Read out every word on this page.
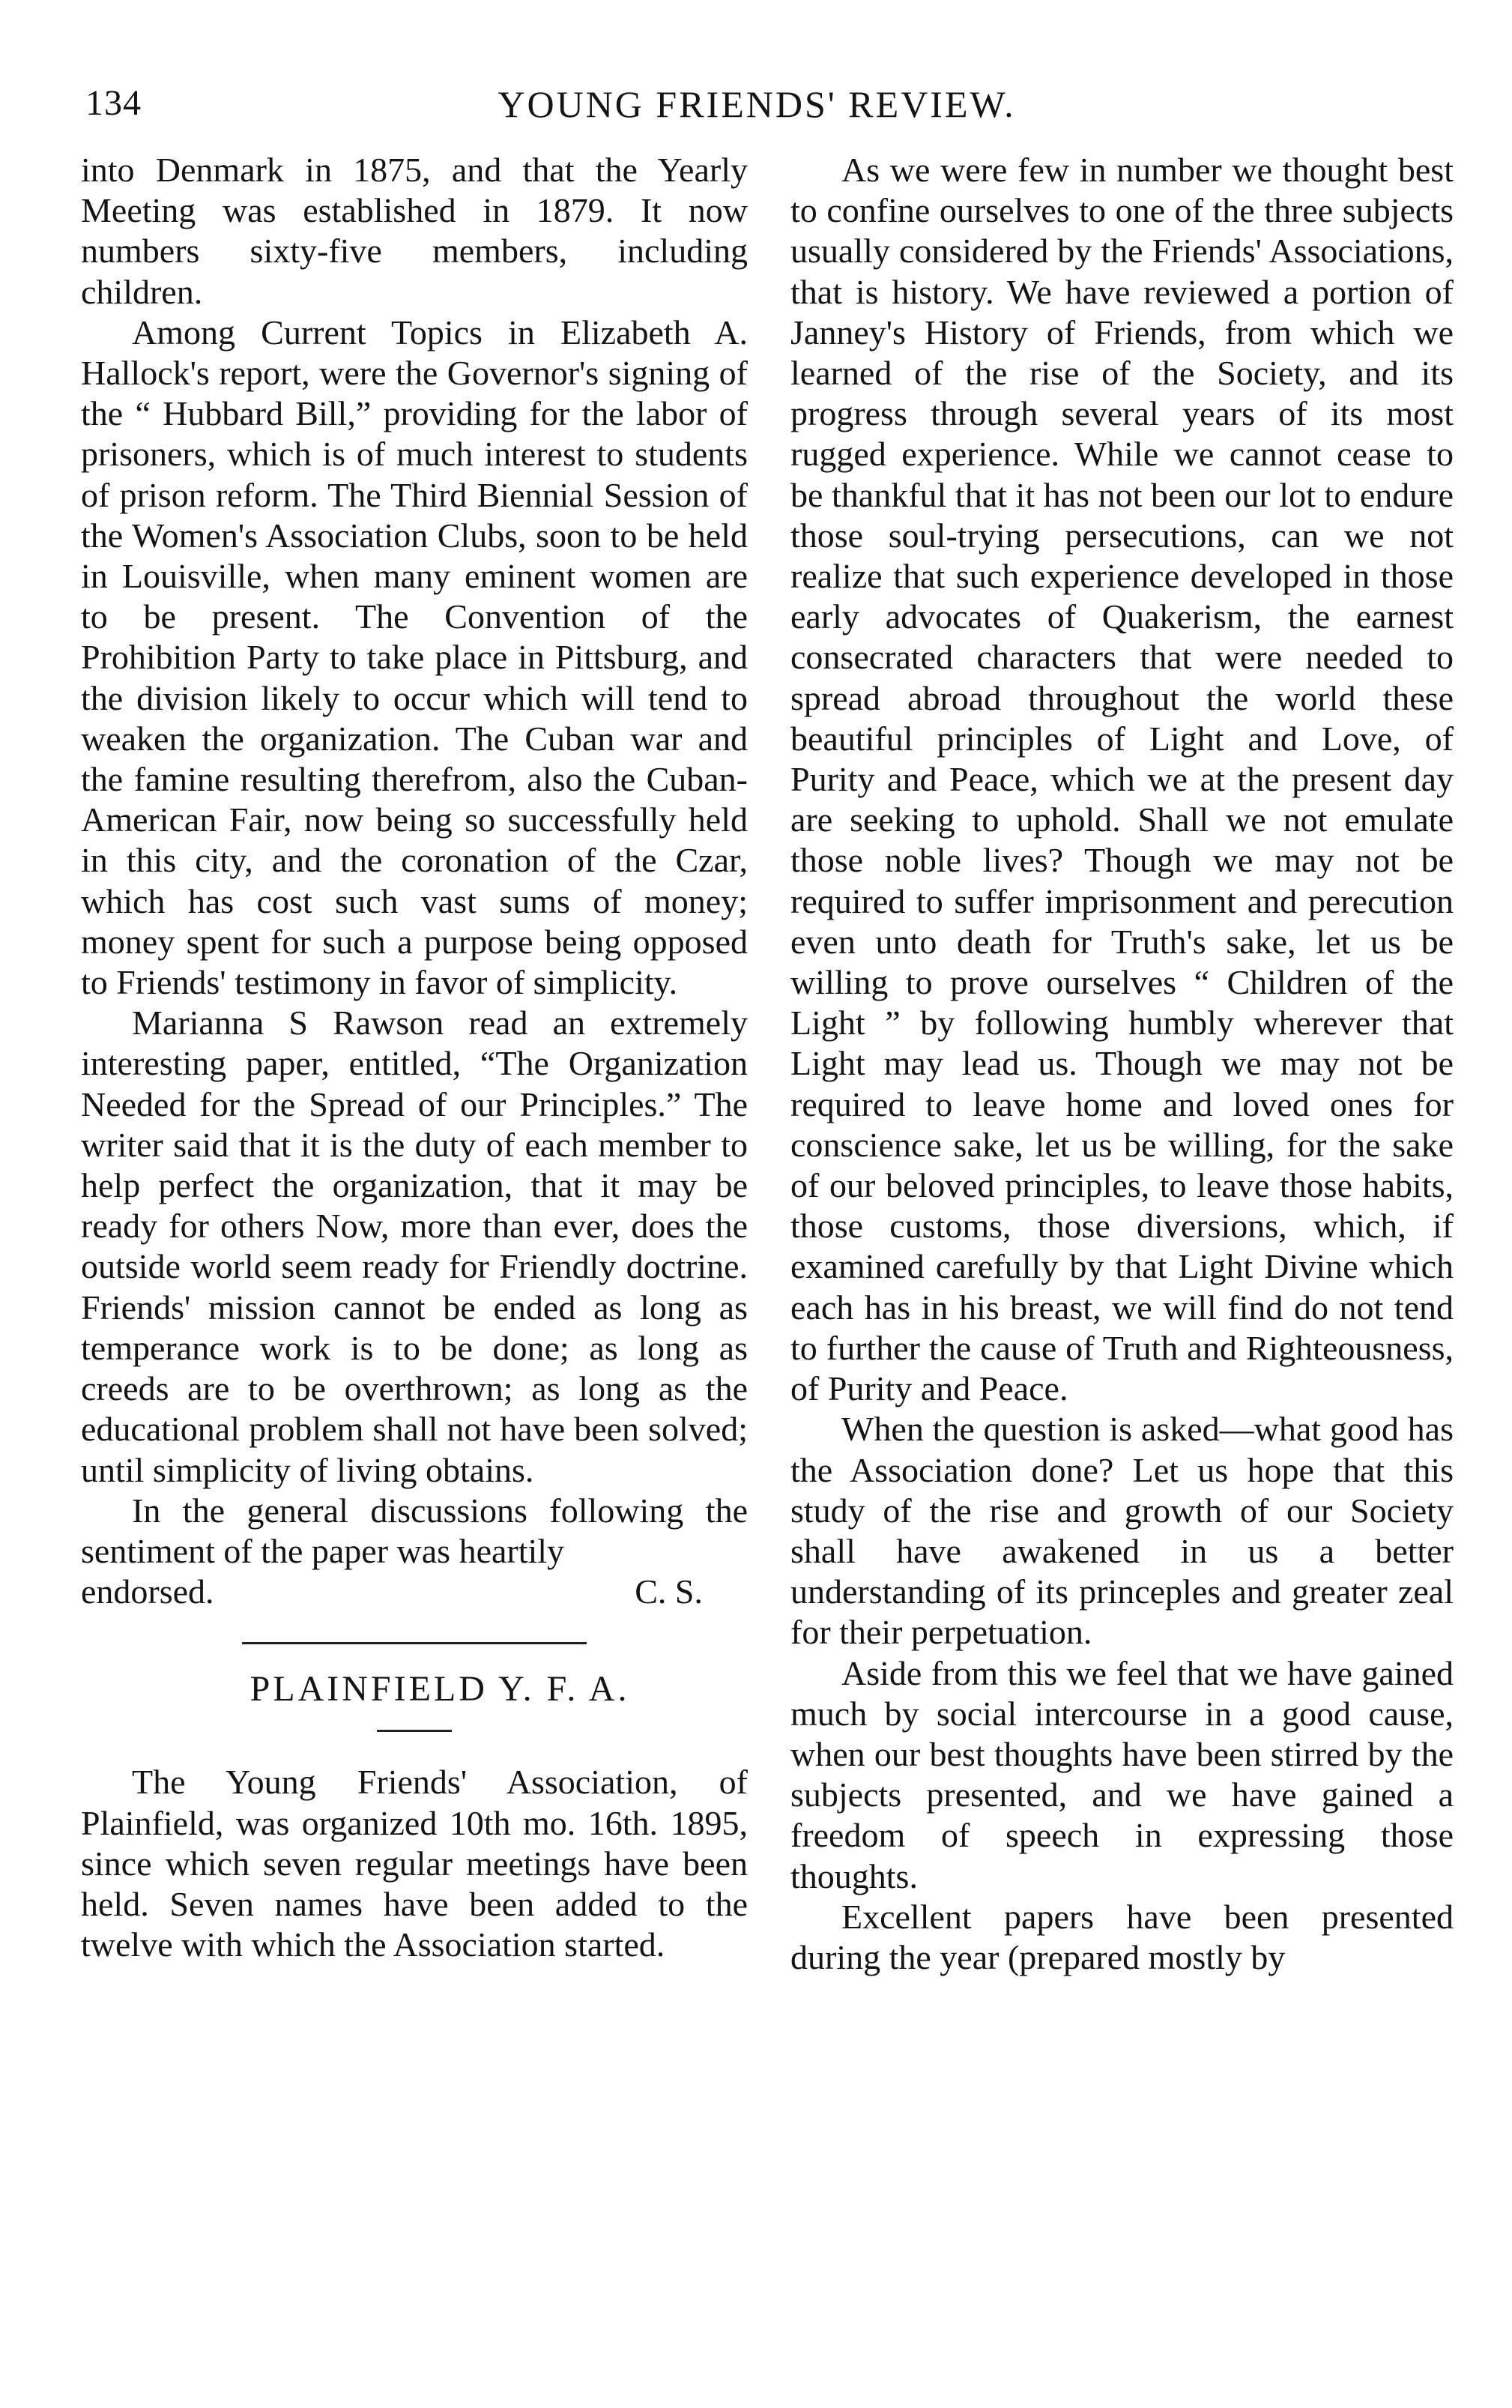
134	YOUNG FRIENDS' REVIEW.

into Denmark in 1875, and that the Yearly Meeting was established in 1879. It now numbers sixty-five members, including children.

Among Current Topics in Elizabeth A. Hallock's report, were the Governor's signing of the “ Hubbard Bill,” providing for the labor of prisoners, which is of much interest to students of prison reform. The Third Biennial Session of the Women's Association Clubs, soon to be held in Louisville, when many eminent women are to be present. The Convention of the Prohibition Party to take place in Pittsburg, and the division likely to occur which will tend to weaken the organization. The Cuban war and the famine resulting therefrom, also the Cuban-American Fair, now being so successfully held in this city, and the coronation of the Czar, which has cost such vast sums of money; money spent for such a purpose being opposed to Friends' testimony in favor of simplicity.

Marianna S Rawson read an extremely interesting paper, entitled, “The Organization Needed for the Spread of our Principles.” The writer said that it is the duty of each member to help perfect the organization, that it may be ready for others Now, more than ever, does the outside world seem ready for Friendly doctrine. Friends' mission cannot be ended as long as temperance work is to be done; as long as creeds are to be overthrown; as long as the educational problem shall not have been solved; until simplicity of living obtains.

In the general discussions following the sentiment of the paper was heartily

endorsed.	C. S.

PLAINFIELD Y. F. A.

The Young Friends' Association, of Plainfield, was organized 10th mo. 16th. 1895, since which seven regular meetings have been held. Seven names have been added to the twelve with which the Association started.

As we were few in number we thought best to confine ourselves to one of the three subjects usually considered by the Friends' Associations, that is history. We have reviewed a portion of Janney's History of Friends, from which we learned of the rise of the Society, and its progress through several years of its most rugged experience. While we cannot cease to be thankful that it has not been our lot to endure those soul-trying persecutions, can we not realize that such experience developed in those early advocates of Quakerism, the earnest consecrated characters that were needed to spread abroad throughout the world these beautiful principles of Light and Love, of Purity and Peace, which we at the present day are seeking to uphold. Shall we not emulate those noble lives? Though we may not be required to suffer imprisonment and perecution even unto death for Truth's sake, let us be willing to prove ourselves “ Children of the Light ” by following humbly wherever that Light may lead us. Though we may not be required to leave home and loved ones for conscience sake, let us be willing, for the sake of our beloved principles, to leave those habits, those customs, those diversions, which, if examined carefully by that Light Divine which each has in his breast, we will find do not tend to further the cause of Truth and Righteousness, of Purity and Peace.

When the question is asked—what good has the Association done? Let us hope that this study of the rise and growth of our Society shall have awakened in us a better understanding of its princeples and greater zeal for their perpetuation.

Aside from this we feel that we have gained much by social intercourse in a good cause, when our best thoughts have been stirred by the subjects presented, and we have gained a freedom of speech in expressing those thoughts.

Excellent papers have been presented during the year (prepared mostly by
